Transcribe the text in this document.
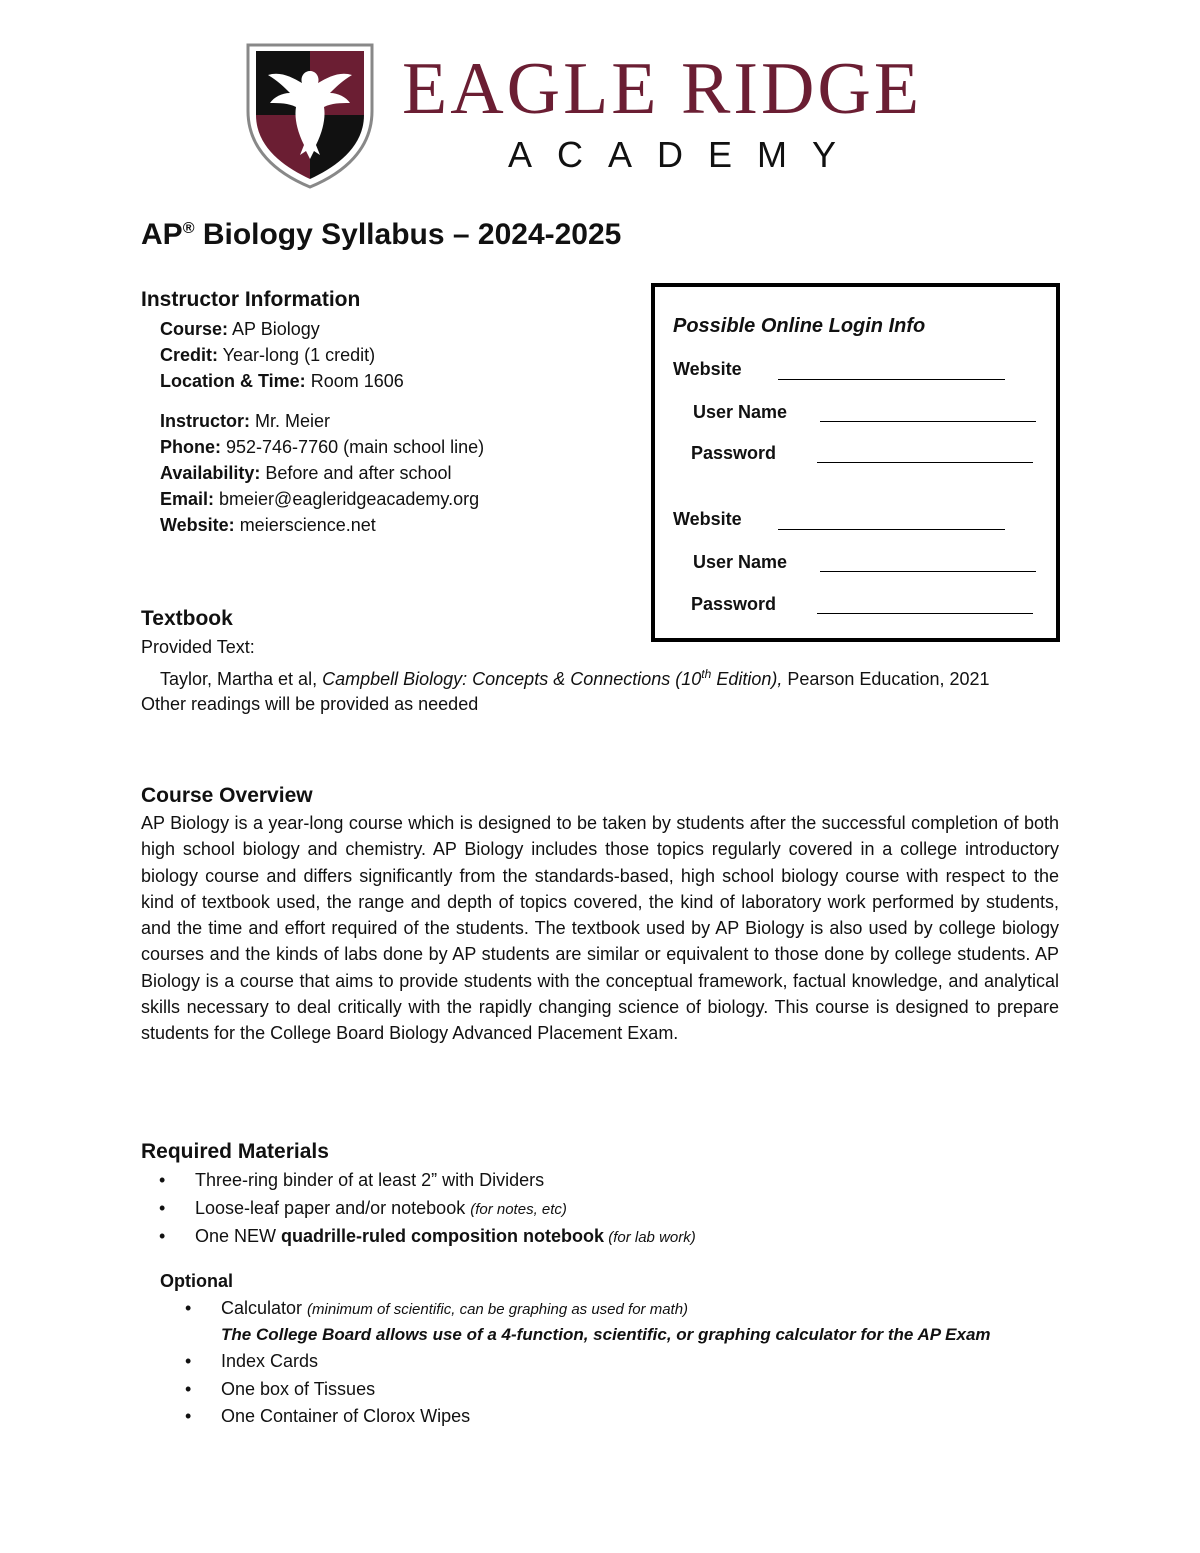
EAGLE RIDGE
ACADEMY
AP® Biology Syllabus – 2024-2025
Instructor Information
Course: AP Biology
Credit: Year-long (1 credit)
Location & Time: Room 1606
Instructor: Mr. Meier
Phone: 952-746-7760 (main school line)
Availability: Before and after school
Email: bmeier@eagleridgeacademy.org
Website: meierscience.net
Possible Online Login Info
Website
User Name
Password
Website
User Name
Password
Textbook
Provided Text:
Taylor, Martha et al, Campbell Biology: Concepts & Connections (10th Edition), Pearson Education, 2021
Other readings will be provided as needed
Course Overview
AP Biology is a year-long course which is designed to be taken by students after the successful completion of both high school biology and chemistry. AP Biology includes those topics regularly covered in a college introductory biology course and differs significantly from the standards-based, high school biology course with respect to the kind of textbook used, the range and depth of topics covered, the kind of laboratory work performed by students, and the time and effort required of the students. The textbook used by AP Biology is also used by college biology courses and the kinds of labs done by AP students are similar or equivalent to those done by college students. AP Biology is a course that aims to provide students with the conceptual framework, factual knowledge, and analytical skills necessary to deal critically with the rapidly changing science of biology. This course is designed to prepare students for the College Board Biology Advanced Placement Exam.
Required Materials
• Three-ring binder of at least 2” with Dividers
• Loose-leaf paper and/or notebook (for notes, etc)
• One NEW quadrille-ruled composition notebook (for lab work)
Optional
• Calculator (minimum of scientific, can be graphing as used for math)
The College Board allows use of a 4-function, scientific, or graphing calculator for the AP Exam
• Index Cards
• One box of Tissues
• One Container of Clorox Wipes
